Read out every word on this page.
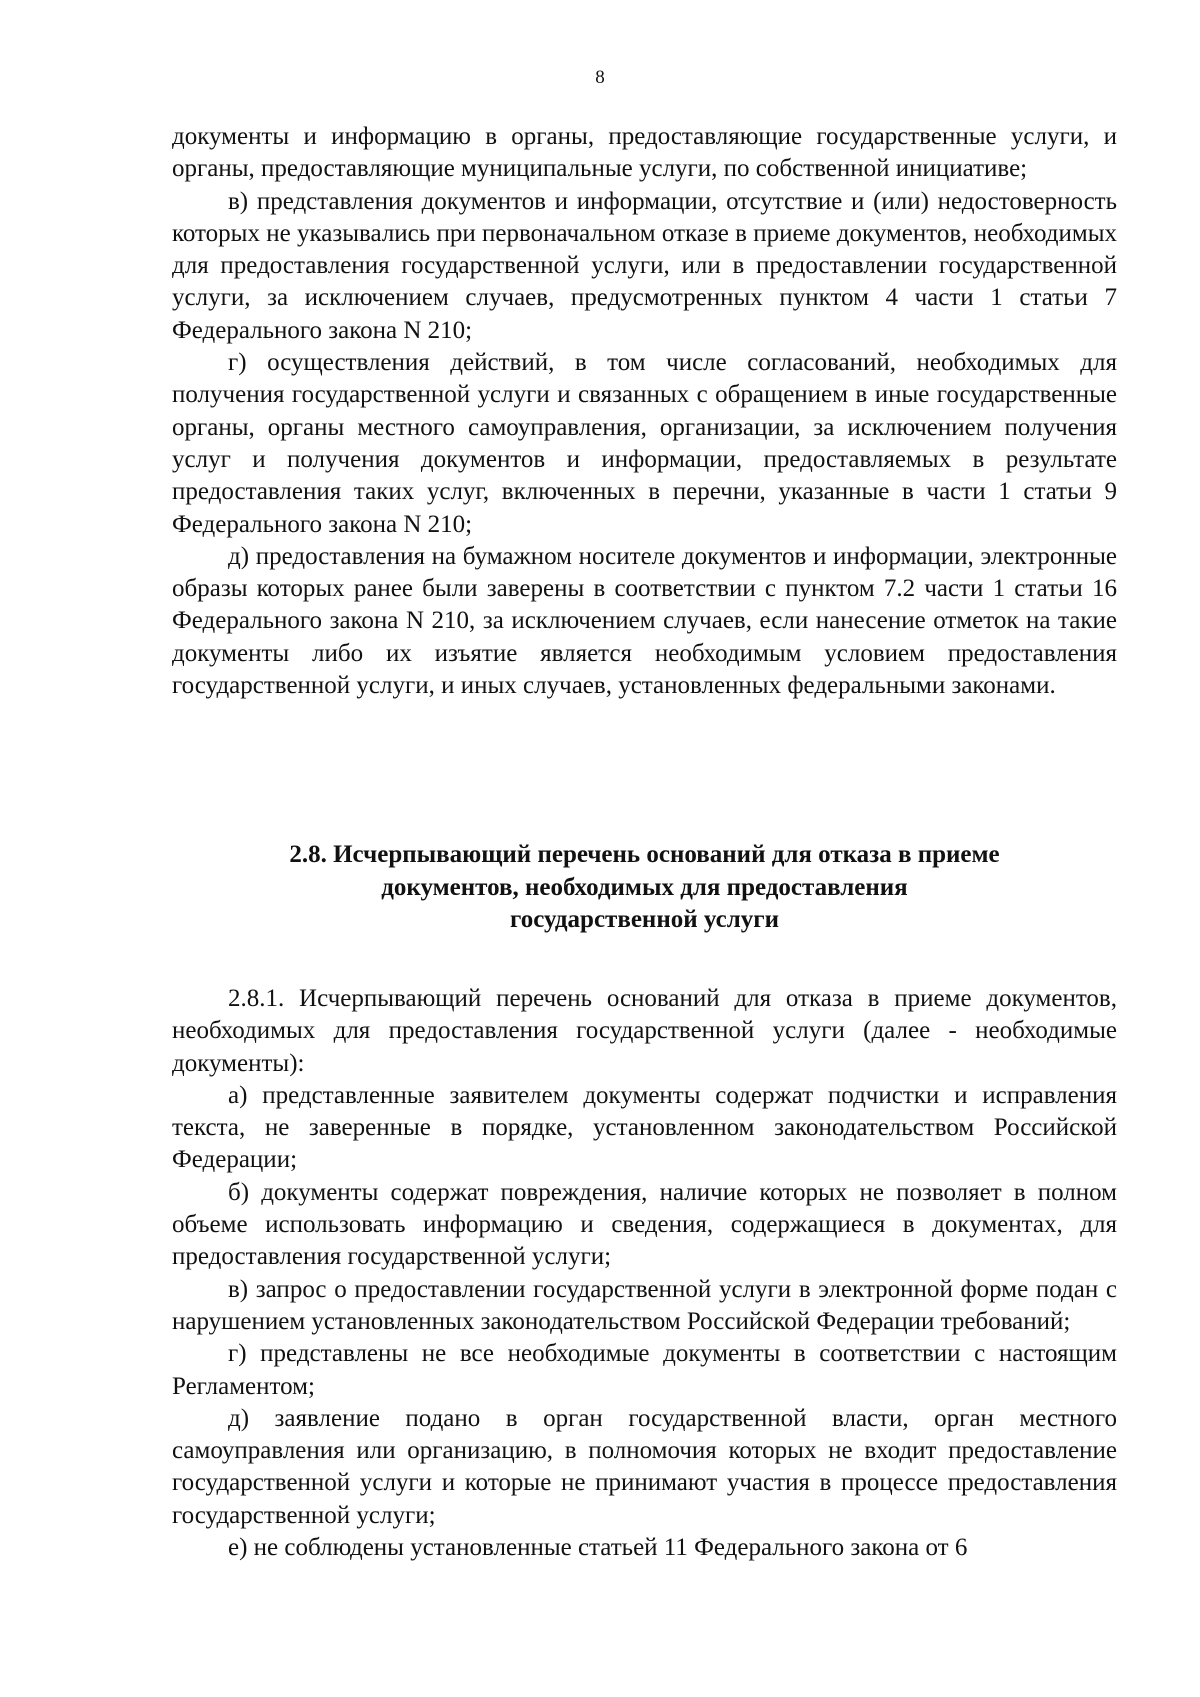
8

документы и информацию в органы, предоставляющие государственные услуги, и органы, предоставляющие муниципальные услуги, по собственной инициативе;

в) представления документов и информации, отсутствие и (или) недостоверность которых не указывались при первоначальном отказе в приеме документов, необходимых для предоставления государственной услуги, или в предоставлении государственной услуги, за исключением случаев, предусмотренных пунктом 4 части 1 статьи 7 Федерального закона N 210;

г) осуществления действий, в том числе согласований, необходимых для получения государственной услуги и связанных с обращением в иные государственные органы, органы местного самоуправления, организации, за исключением получения услуг и получения документов и информации, предоставляемых в результате предоставления таких услуг, включенных в перечни, указанные в части 1 статьи 9 Федерального закона N 210;

д) предоставления на бумажном носителе документов и информации, электронные образы которых ранее были заверены в соответствии с пунктом 7.2 части 1 статьи 16 Федерального закона N 210, за исключением случаев, если нанесение отметок на такие документы либо их изъятие является необходимым условием предоставления государственной услуги, и иных случаев, установленных федеральными законами.

2.8. Исчерпывающий перечень оснований для отказа в приеме
документов, необходимых для предоставления
государственной услуги

2.8.1. Исчерпывающий перечень оснований для отказа в приеме документов, необходимых для предоставления государственной услуги (далее - необходимые документы):

а) представленные заявителем документы содержат подчистки и исправления текста, не заверенные в порядке, установленном законодательством Российской Федерации;

б) документы содержат повреждения, наличие которых не позволяет в полном объеме использовать информацию и сведения, содержащиеся в документах, для предоставления государственной услуги;

в) запрос о предоставлении государственной услуги в электронной форме подан с нарушением установленных законодательством Российской Федерации требований;

г) представлены не все необходимые документы в соответствии с настоящим Регламентом;

д) заявление подано в орган государственной власти, орган местного самоуправления или организацию, в полномочия которых не входит предоставление государственной услуги и которые не принимают участия в процессе предоставления государственной услуги;

е) не соблюдены установленные статьей 11 Федерального закона от 6
